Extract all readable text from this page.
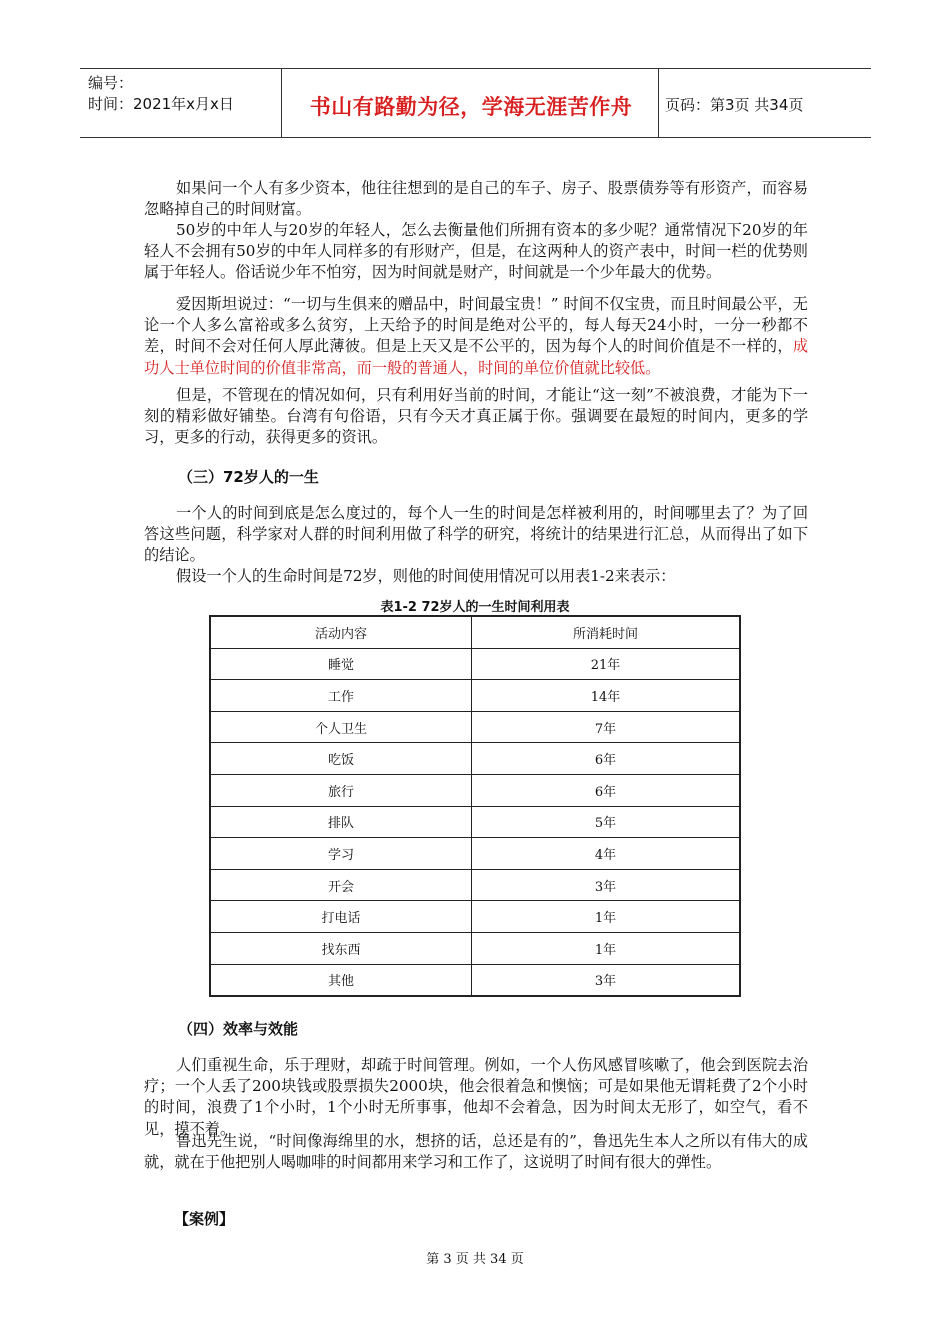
编号：
时间：2021年x月x日	书山有路勤为径，学海无涯苦作舟	页码：第3页 共34页

如果问一个人有多少资本，他往往想到的是自己的车子、房子、股票债券等有形资产，而容易忽略掉自己的时间财富。

50岁的中年人与20岁的年轻人，怎么去衡量他们所拥有资本的多少呢？通常情况下20岁的年轻人不会拥有50岁的中年人同样多的有形财产，但是，在这两种人的资产表中，时间一栏的优势则属于年轻人。俗话说少年不怕穷，因为时间就是财产，时间就是一个少年最大的优势。

爱因斯坦说过：“一切与生俱来的赠品中，时间最宝贵！” 时间不仅宝贵，而且时间最公平，无论一个人多么富裕或多么贫穷，上天给予的时间是绝对公平的，每人每天24小时，一分一秒都不差，时间不会对任何人厚此薄彼。但是上天又是不公平的，因为每个人的时间价值是不一样的，成功人士单位时间的价值非常高，而一般的普通人，时间的单位价值就比较低。

但是，不管现在的情况如何，只有利用好当前的时间，才能让“这一刻”不被浪费，才能为下一刻的精彩做好铺垫。台湾有句俗语，只有今天才真正属于你。强调要在最短的时间内，更多的学习，更多的行动，获得更多的资讯。

（三）72岁人的一生

一个人的时间到底是怎么度过的，每个人一生的时间是怎样被利用的，时间哪里去了？为了回答这些问题，科学家对人群的时间利用做了科学的研究，将统计的结果进行汇总，从而得出了如下的结论。

假设一个人的生命时间是72岁，则他的时间使用情况可以用表1-2来表示：

表1-2 72岁人的一生时间利用表
活动内容	所消耗时间
睡觉	21年
工作	14年
个人卫生	7年
吃饭	6年
旅行	6年
排队	5年
学习	4年
开会	3年
打电话	1年
找东西	1年
其他	3年

（四）效率与效能

人们重视生命，乐于理财，却疏于时间管理。例如，一个人伤风感冒咳嗽了，他会到医院去治疗；一个人丢了200块钱或股票损失2000块，他会很着急和懊恼；可是如果他无谓耗费了2个小时的时间，浪费了1个小时，1个小时无所事事，他却不会着急，因为时间太无形了，如空气，看不见，摸不着。

鲁迅先生说，“时间像海绵里的水，想挤的话，总还是有的”，鲁迅先生本人之所以有伟大的成就，就在于他把别人喝咖啡的时间都用来学习和工作了，这说明了时间有很大的弹性。

【案例】

第 3 页 共 34 页
